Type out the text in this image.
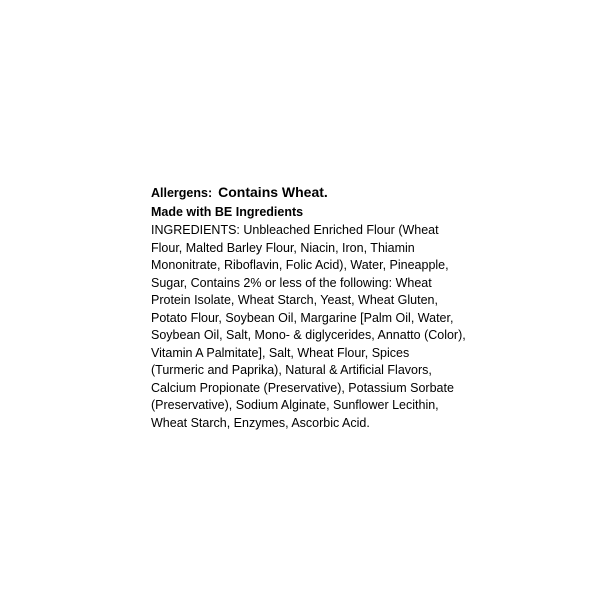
Allergens: Contains Wheat.
Made with BE Ingredients
INGREDIENTS: Unbleached Enriched Flour (Wheat
Flour, Malted Barley Flour, Niacin, Iron, Thiamin
Mononitrate, Riboflavin, Folic Acid), Water, Pineapple,
Sugar, Contains 2% or less of the following: Wheat
Protein Isolate, Wheat Starch, Yeast, Wheat Gluten,
Potato Flour, Soybean Oil, Margarine [Palm Oil, Water,
Soybean Oil, Salt, Mono- & diglycerides, Annatto (Color),
Vitamin A Palmitate], Salt, Wheat Flour, Spices
(Turmeric and Paprika), Natural & Artificial Flavors,
Calcium Propionate (Preservative), Potassium Sorbate
(Preservative), Sodium Alginate, Sunflower Lecithin,
Wheat Starch, Enzymes, Ascorbic Acid.
